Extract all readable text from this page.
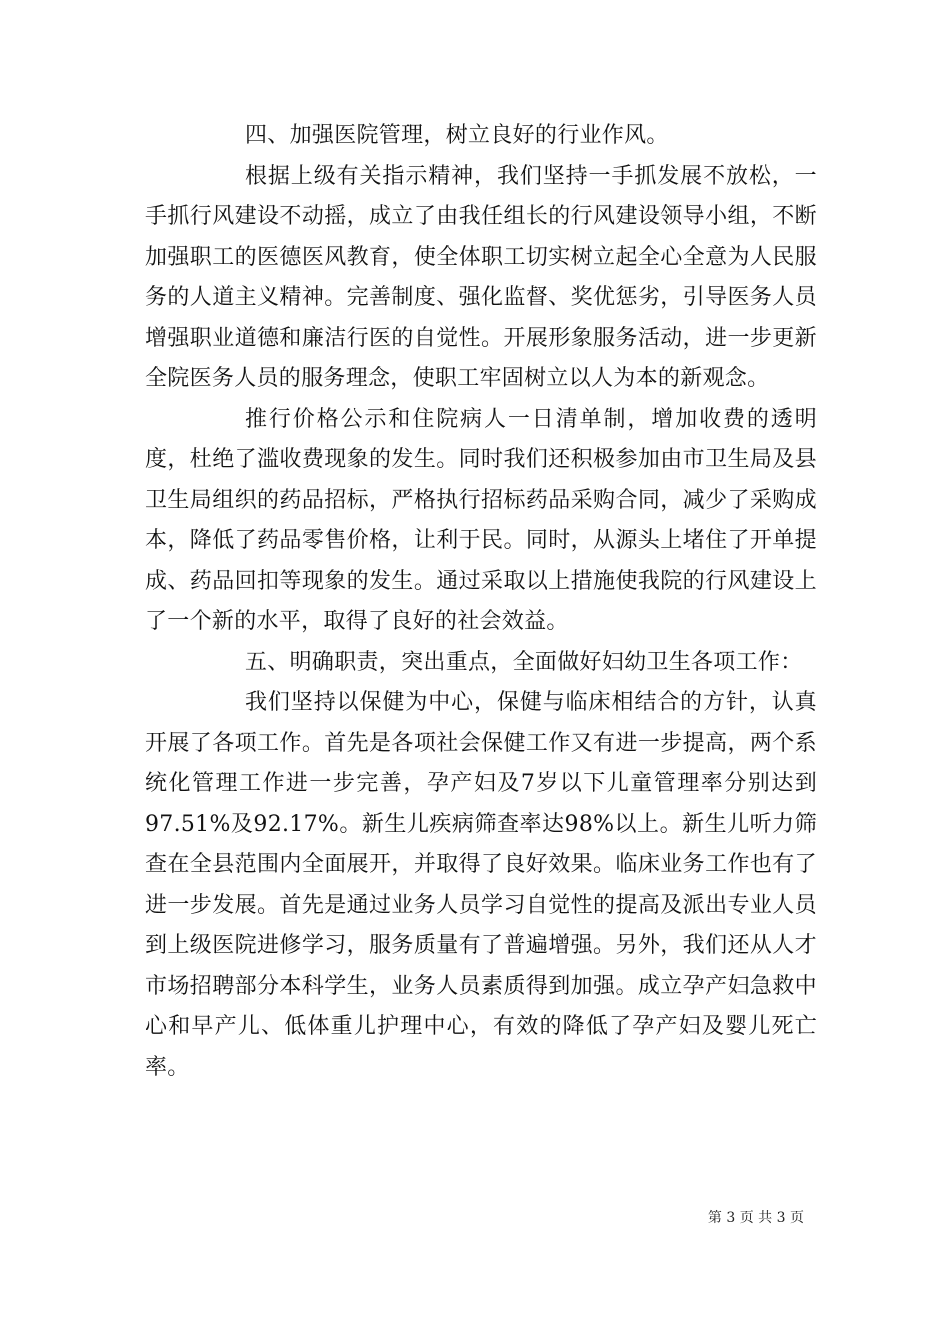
四、加强医院管理，树立良好的行业作风。

根据上级有关指示精神，我们坚持一手抓发展不放松，一手抓行风建设不动摇，成立了由我任组长的行风建设领导小组，不断加强职工的医德医风教育，使全体职工切实树立起全心全意为人民服务的人道主义精神。完善制度、强化监督、奖优惩劣，引导医务人员增强职业道德和廉洁行医的自觉性。开展形象服务活动，进一步更新全院医务人员的服务理念，使职工牢固树立以人为本的新观念。

推行价格公示和住院病人一日清单制，增加收费的透明度，杜绝了滥收费现象的发生。同时我们还积极参加由市卫生局及县卫生局组织的药品招标，严格执行招标药品采购合同，减少了采购成本，降低了药品零售价格，让利于民。同时，从源头上堵住了开单提成、药品回扣等现象的发生。通过采取以上措施使我院的行风建设上了一个新的水平，取得了良好的社会效益。

五、明确职责，突出重点，全面做好妇幼卫生各项工作：

我们坚持以保健为中心，保健与临床相结合的方针，认真开展了各项工作。首先是各项社会保健工作又有进一步提高，两个系统化管理工作进一步完善，孕产妇及7岁以下儿童管理率分别达到97.51%及92.17%。新生儿疾病筛查率达98%以上。新生儿听力筛查在全县范围内全面展开，并取得了良好效果。临床业务工作也有了进一步发展。首先是通过业务人员学习自觉性的提高及派出专业人员到上级医院进修学习，服务质量有了普遍增强。另外，我们还从人才市场招聘部分本科学生，业务人员素质得到加强。成立孕产妇急救中心和早产儿、低体重儿护理中心，有效的降低了孕产妇及婴儿死亡率。

第 3 页 共 3 页
